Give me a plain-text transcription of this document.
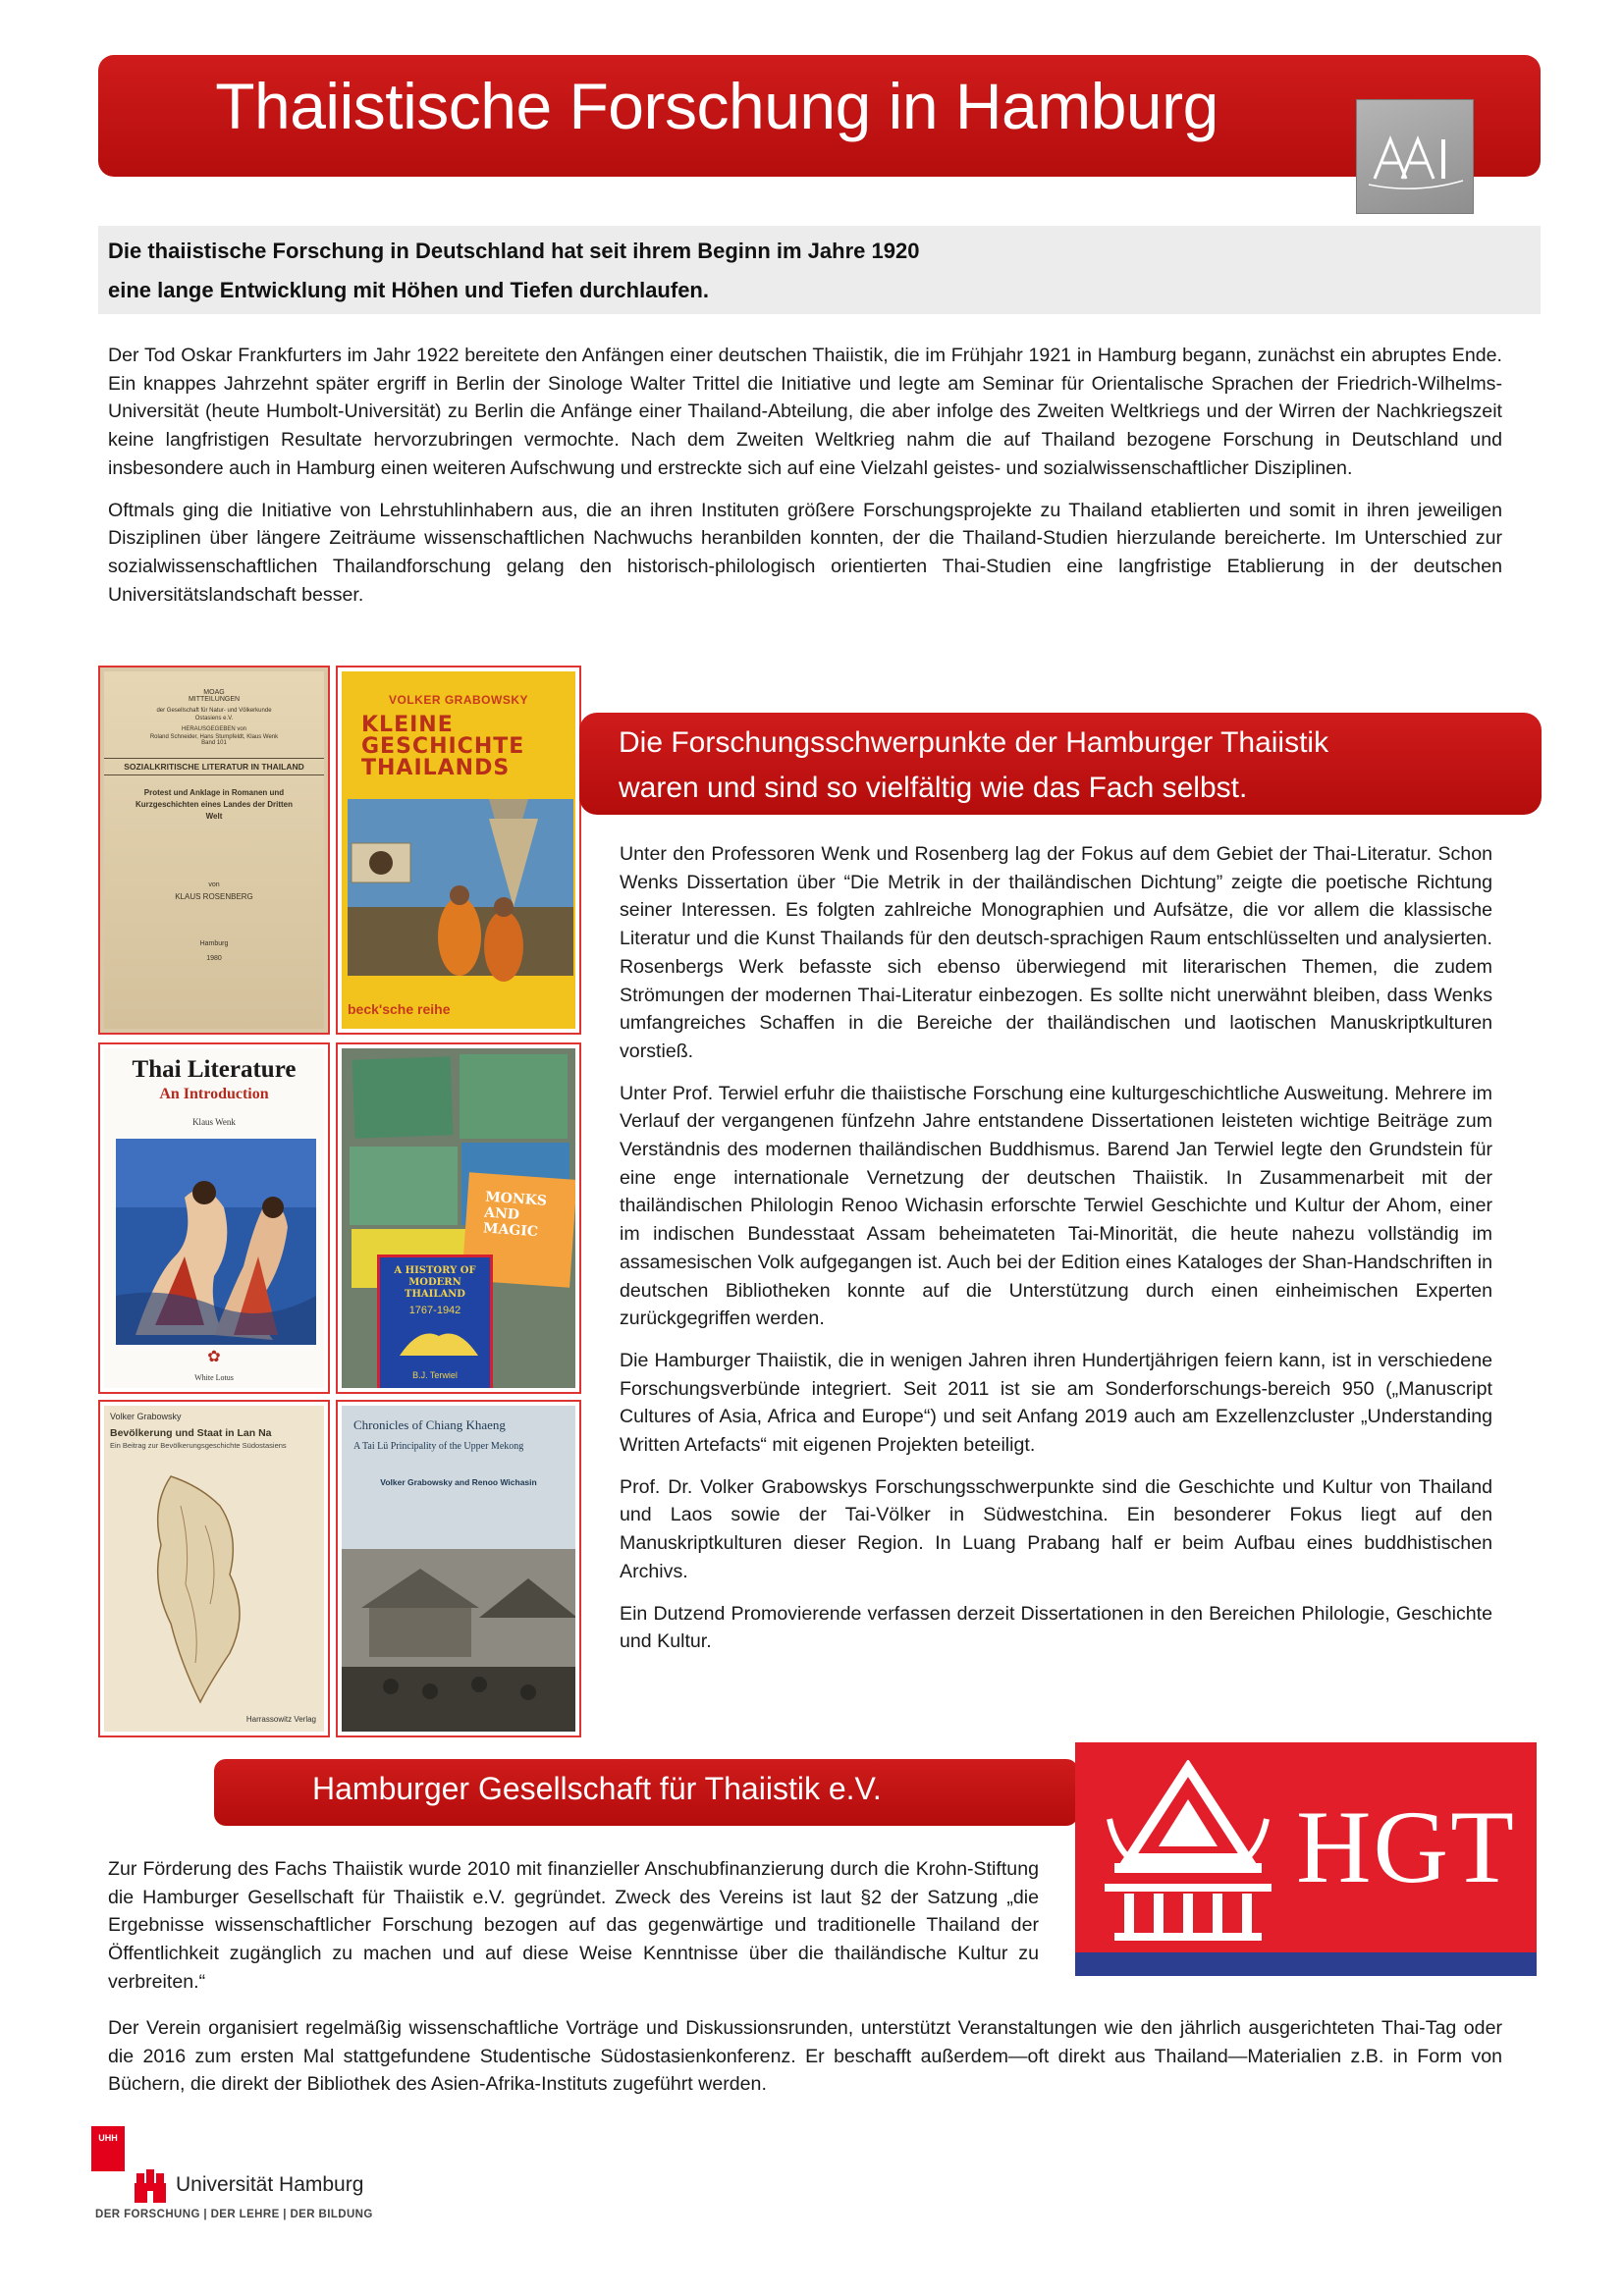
Thaiistische Forschung in Hamburg

Die thaiistische Forschung in Deutschland hat seit ihrem Beginn im Jahre 1920

eine lange Entwicklung mit Höhen und Tiefen durchlaufen.

Der Tod Oskar Frankfurters im Jahr 1922 bereitete den Anfängen einer deutschen Thaiistik, die im Frühjahr 1921 in Hamburg begann, zunächst ein abruptes Ende. Ein knappes Jahrzehnt später ergriff in Berlin der Sinologe Walter Trittel die Initiative und legte am Seminar für Orientalische Sprachen der Friedrich-Wilhelms-Universität (heute Humbolt-Universität) zu Berlin die Anfänge einer Thailand-Abteilung, die aber infolge des Zweiten Weltkriegs und der Wirren der Nachkriegszeit keine langfristigen Resultate hervorzubringen vermochte. Nach dem Zweiten Weltkrieg nahm die auf Thailand bezogene Forschung in Deutschland und insbesondere auch in Hamburg einen weiteren Aufschwung und erstreckte sich auf eine Vielzahl geistes- und sozialwissenschaftlicher Disziplinen.

Oftmals ging die Initiative von Lehrstuhlinhabern aus, die an ihren Instituten größere Forschungsprojekte zu Thailand etablierten und somit in ihren jeweiligen Disziplinen über längere Zeiträume wissenschaftlichen Nachwuchs heranbilden konnten, der die Thailand-Studien hierzulande bereicherte. Im Unterschied zur sozialwissenschaftlichen Thailandforschung gelang den historisch-philologisch orientierten Thai-Studien eine langfristige Etablierung in der deutschen Universitätslandschaft besser.

MOAG
MITTEILUNGEN
der Gesellschaft für Natur- und Völkerkunde Ostasiens e.V.
HERAUSGEGEBEN von
Roland Schneider, Hans Stumpfeldt, Klaus Wenk
Band 101
SOZIALKRITISCHE LITERATUR IN THAILAND
Protest und Anklage in Romanen und Kurzgeschichten eines Landes der Dritten Welt
von
KLAUS ROSENBERG
Hamburg
1980
VOLKER GRABOWSKY
KLEINE
GESCHICHTE
THAILANDS
beck'sche reihe
Thai Literature
An Introduction
Klaus Wenk
✿
White Lotus
MONKS AND MAGIC
A HISTORY OF MODERN THAILAND
1767-1942
B.J. Terwiel
Volker Grabowsky
Bevölkerung und Staat in Lan Na
Ein Beitrag zur Bevölkerungsgeschichte Südostasiens
Harrassowitz Verlag
Chronicles of Chiang Khaeng
A Tai Lü Principality of the Upper Mekong
Volker Grabowsky and Renoo Wichasin
Die Forschungsschwerpunkte der Hamburger Thaiistik
waren und sind so vielfältig wie das Fach selbst.

Unter den Professoren Wenk und Rosenberg lag der Fokus auf dem Gebiet der Thai-Literatur. Schon Wenks Dissertation über “Die Metrik in der thailändischen Dichtung” zeigte die poetische Richtung seiner Interessen. Es folgten zahlreiche Monographien und Aufsätze, die vor allem die klassische Literatur und die Kunst Thailands für den deutsch-sprachigen Raum entschlüsselten und analysierten. Rosenbergs Werk befasste sich ebenso überwiegend mit literarischen Themen, die zudem Strömungen der modernen Thai-Literatur einbezogen. Es sollte nicht unerwähnt bleiben, dass Wenks umfangreiches Schaffen in die Bereiche der thailändischen und laotischen Manuskriptkulturen vorstieß.

Unter Prof. Terwiel erfuhr die thaiistische Forschung eine kulturgeschichtliche Ausweitung. Mehrere im Verlauf der vergangenen fünfzehn Jahre entstandene Dissertationen leisteten wichtige Beiträge zum Verständnis des modernen thailändischen Buddhismus. Barend Jan Terwiel legte den Grundstein für eine enge internationale Vernetzung der deutschen Thaiistik. In Zusammenarbeit mit der thailändischen Philologin Renoo Wichasin erforschte Terwiel Geschichte und Kultur der Ahom, einer im indischen Bundesstaat Assam beheimateten Tai-Minorität, die heute nahezu vollständig im assamesischen Volk aufgegangen ist. Auch bei der Edition eines Kataloges der Shan-Handschriften in deutschen Bibliotheken konnte auf die Unterstützung durch einen einheimischen Experten zurückgegriffen werden.

Die Hamburger Thaiistik, die in wenigen Jahren ihren Hundertjährigen feiern kann, ist in verschiedene Forschungsverbünde integriert. Seit 2011 ist sie am Sonderforschungs-bereich 950 („Manuscript Cultures of Asia, Africa and Europe“) und seit Anfang 2019 auch am Exzellenzcluster „Understanding Written Artefacts“ mit eigenen Projekten beteiligt.

Prof. Dr. Volker Grabowskys Forschungsschwerpunkte sind die Geschichte und Kultur von Thailand und Laos sowie der Tai-Völker in Südwestchina. Ein besonderer Fokus liegt auf den Manuskriptkulturen dieser Region. In Luang Prabang half er beim Aufbau eines buddhistischen Archivs.

Ein Dutzend Promovierende verfassen derzeit Dissertationen in den Bereichen Philologie, Geschichte und Kultur.

Hamburger Gesellschaft für Thaiistik e.V.
HGT

Zur Förderung des Fachs Thaiistik wurde 2010 mit finanzieller Anschubfinanzierung durch die Krohn-Stiftung die Hamburger Gesellschaft für Thaiistik e.V. gegründet. Zweck des Vereins ist laut §2 der Satzung „die Ergebnisse wissenschaftlicher Forschung bezogen auf das gegenwärtige und traditionelle Thailand der Öffentlichkeit zugänglich zu machen und auf diese Weise Kenntnisse über die thailändische Kultur zu verbreiten.“

Der Verein organisiert regelmäßig wissenschaftliche Vorträge und Diskussionsrunden, unterstützt Veranstaltungen wie den jährlich ausgerichteten Thai-Tag oder die 2016 zum ersten Mal stattgefundene Studentische Südostasienkonferenz. Er beschafft außerdem—oft direkt aus Thailand—Materialien z.B. in Form von Büchern, die direkt der Bibliothek des Asien-Afrika-Instituts zugeführt werden.

UHH
Universität Hamburg
DER FORSCHUNG | DER LEHRE | DER BILDUNG
